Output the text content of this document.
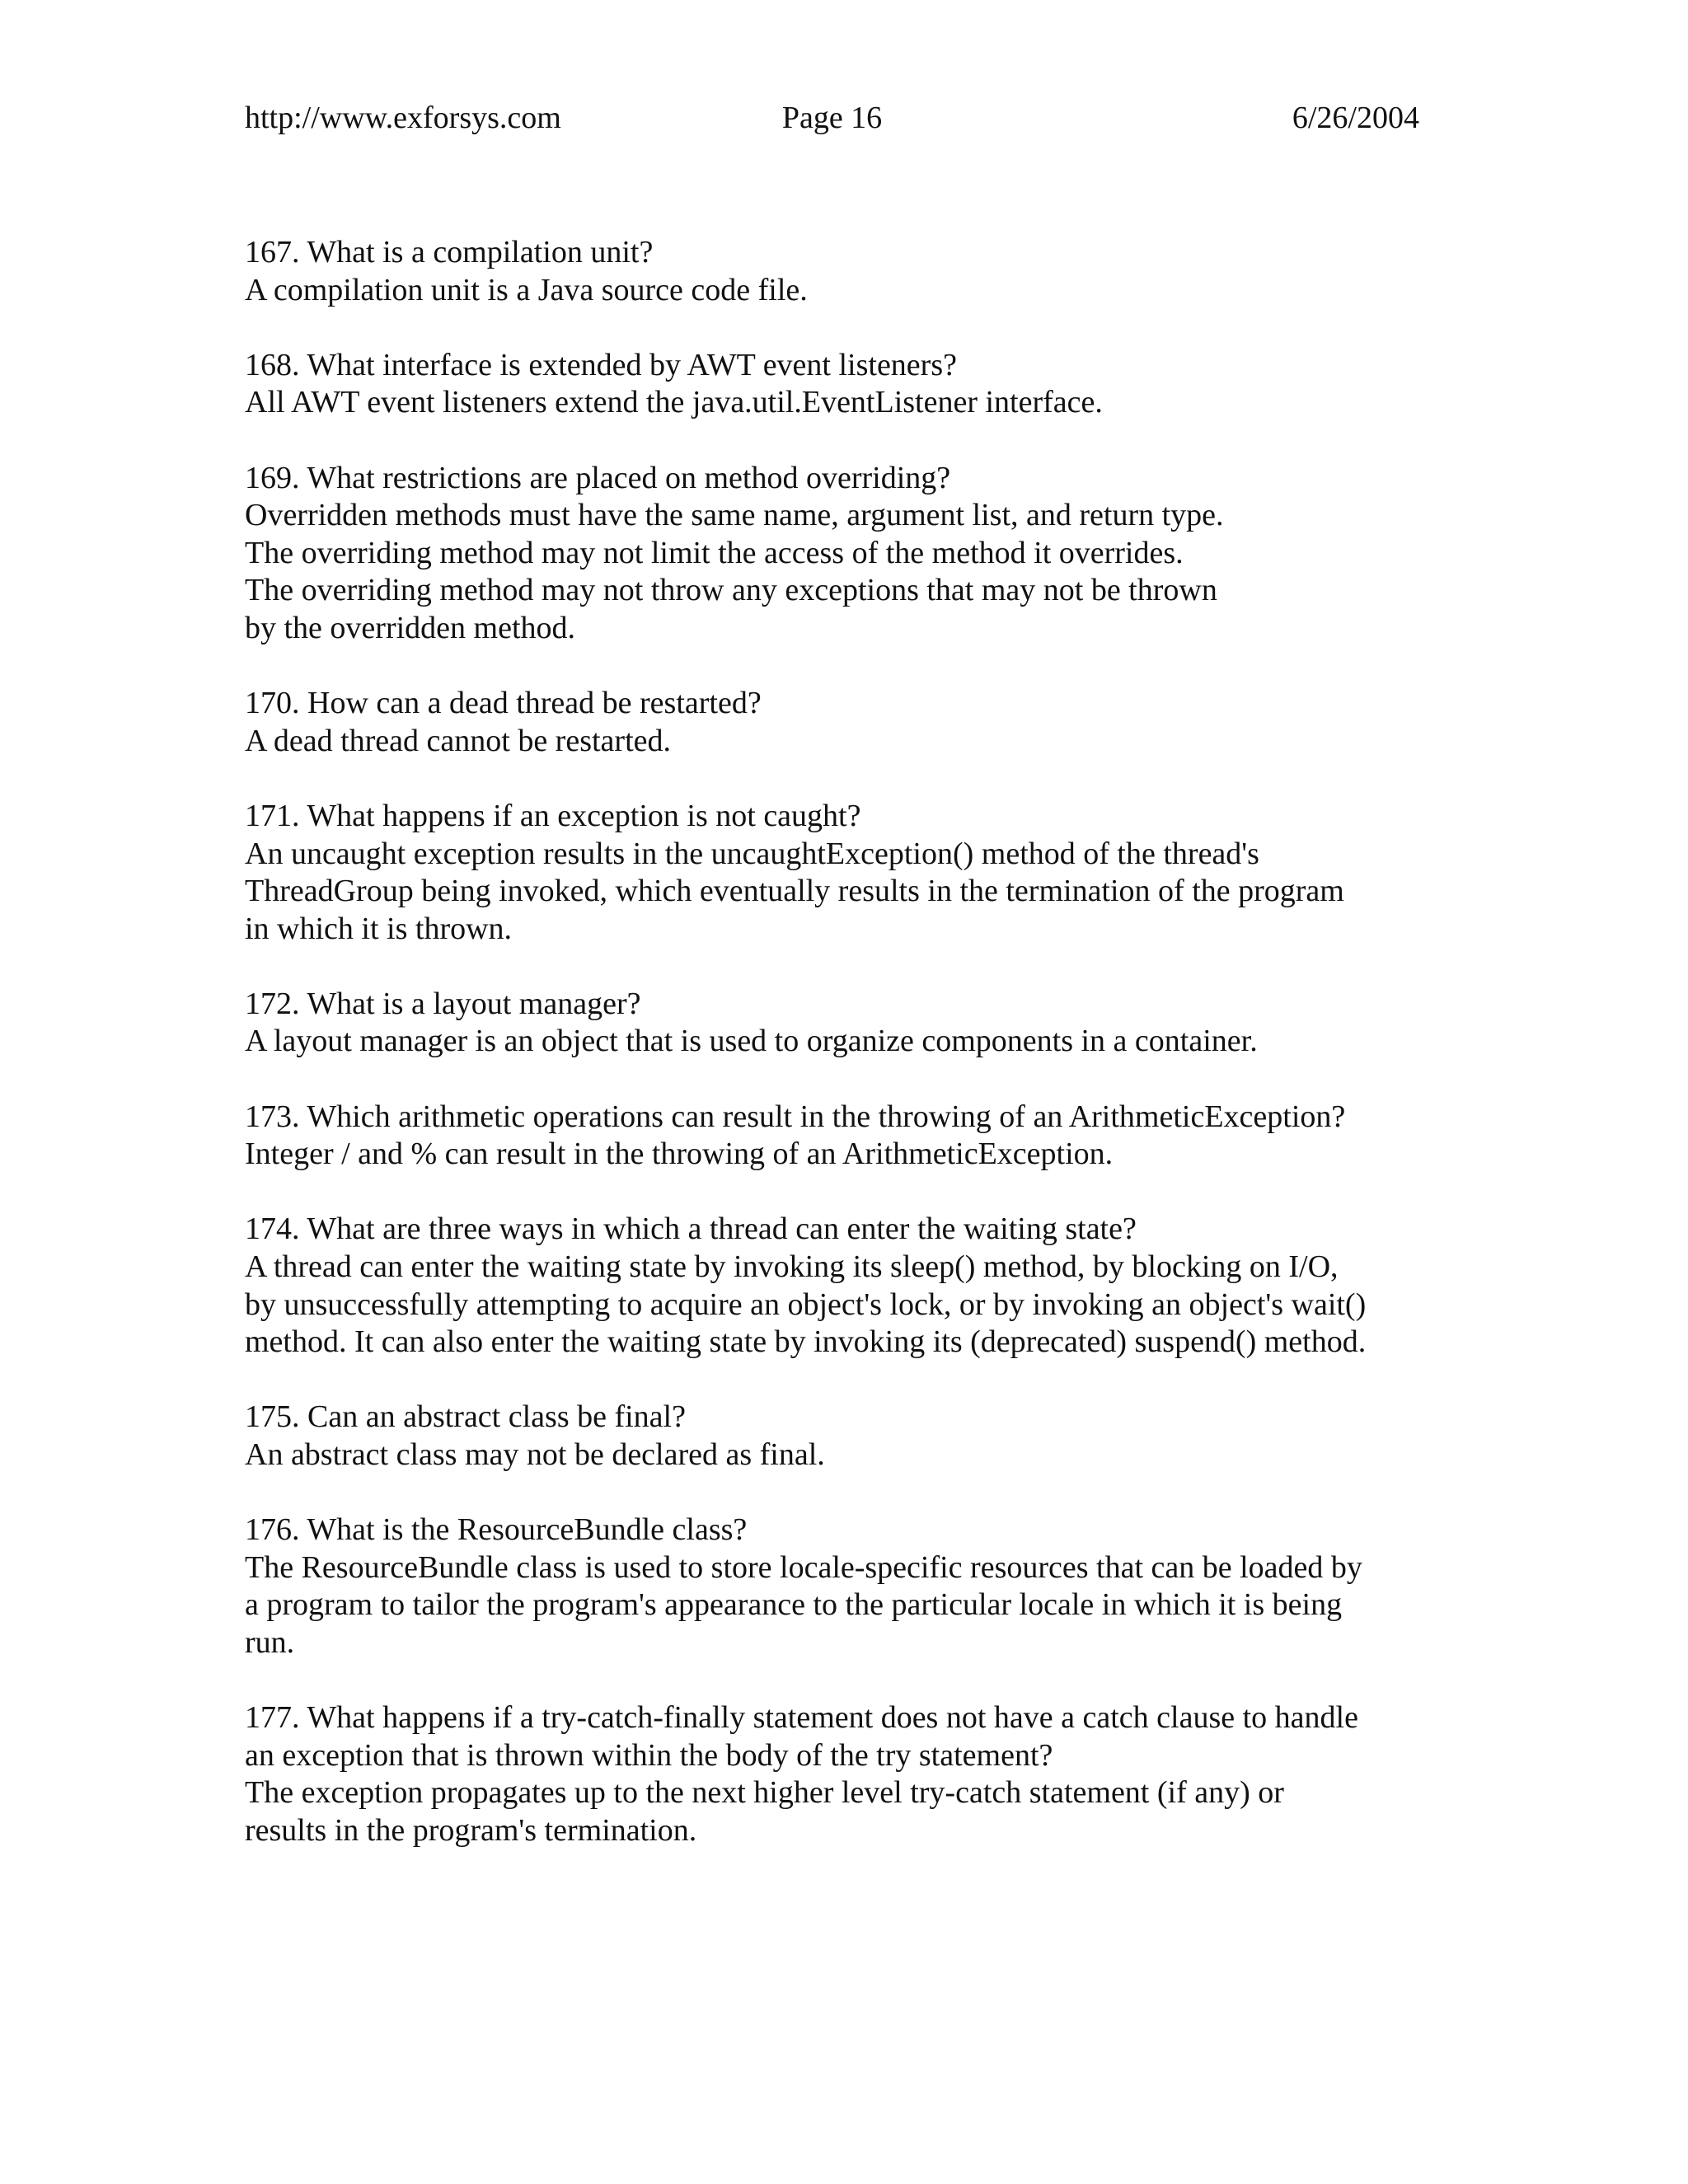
Page 16
http://www.exforsys.com	6/26/2004

167. What is a compilation unit?

A compilation unit is a Java source code file.

168. What interface is extended by AWT event listeners?

All AWT event listeners extend the java.util.EventListener interface.

169. What restrictions are placed on method overriding?

Overridden methods must have the same name, argument list, and return type.

The overriding method may not limit the access of the method it overrides.

The overriding method may not throw any exceptions that may not be thrown

by the overridden method.

170. How can a dead thread be restarted?

A dead thread cannot be restarted.

171. What happens if an exception is not caught?

An uncaught exception results in the uncaughtException() method of the thread's

ThreadGroup being invoked, which eventually results in the termination of the program

in which it is thrown.

172. What is a layout manager?

A layout manager is an object that is used to organize components in a container.

173. Which arithmetic operations can result in the throwing of an ArithmeticException?

Integer / and % can result in the throwing of an ArithmeticException.

174. What are three ways in which a thread can enter the waiting state?

A thread can enter the waiting state by invoking its sleep() method, by blocking on I/O,

by unsuccessfully attempting to acquire an object's lock, or by invoking an object's wait()

method. It can also enter the waiting state by invoking its (deprecated) suspend() method.

175. Can an abstract class be final?

An abstract class may not be declared as final.

176. What is the ResourceBundle class?

The ResourceBundle class is used to store locale-specific resources that can be loaded by

a program to tailor the program's appearance to the particular locale in which it is being

run.

177. What happens if a try-catch-finally statement does not have a catch clause to handle

an exception that is thrown within the body of the try statement?

The exception propagates up to the next higher level try-catch statement (if any) or

results in the program's termination.
